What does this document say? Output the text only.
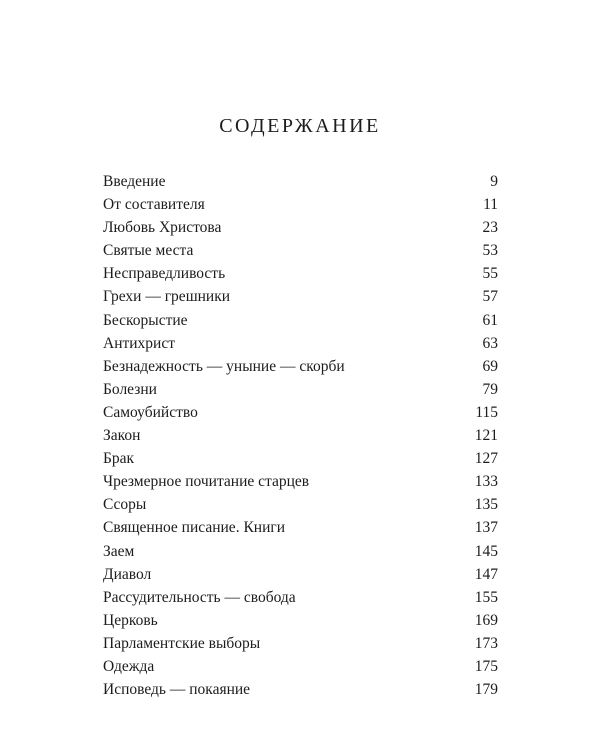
СОДЕРЖАНИЕ
Введение	9
От составителя	11
Любовь Христова	23
Святые места	53
Несправедливость	55
Грехи — грешники	57
Бескорыстие	61
Антихрист	63
Безнадежность — уныние — скорби	69
Болезни	79
Самоубийство	115
Закон	121
Брак	127
Чрезмерное почитание старцев	133
Ссоры	135
Священное писание. Книги	137
Заем	145
Диавол	147
Рассудительность — свобода	155
Церковь	169
Парламентские выборы	173
Одежда	175
Исповедь — покаяние	179
